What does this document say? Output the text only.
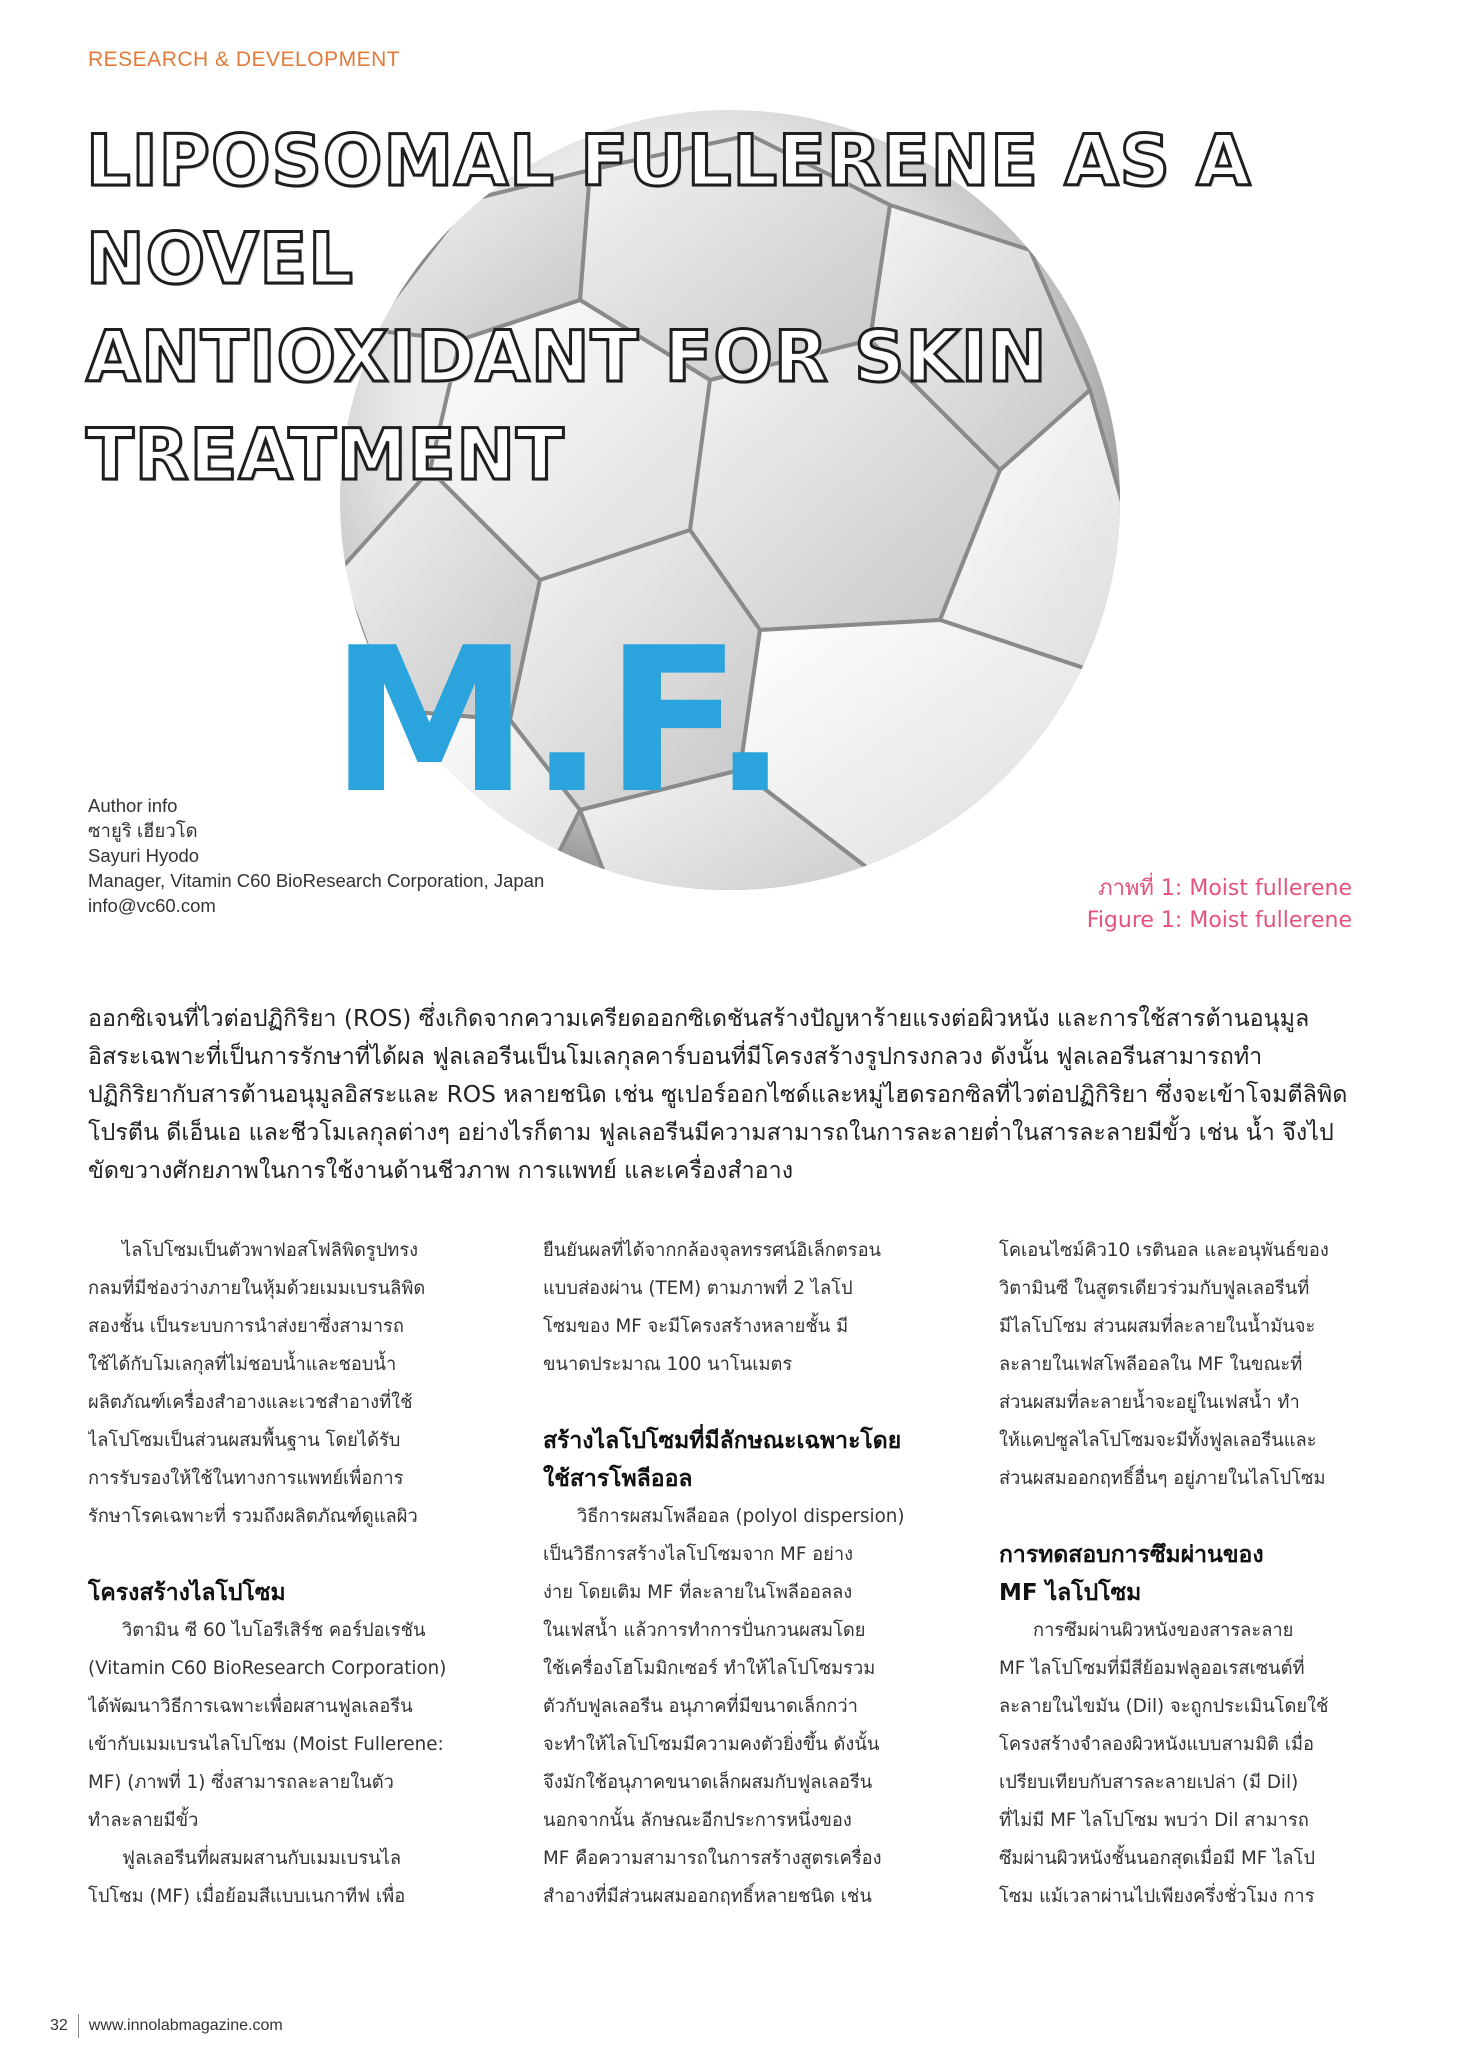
RESEARCH & DEVELOPMENT
M.F.
LIPOSOMAL FULLERENE AS A NOVEL
ANTIOXIDANT FOR SKIN TREATMENT
Author info
ซายูริ เฮียวโด
Sayuri Hyodo
Manager, Vitamin C60 BioResearch Corporation, Japan
info@vc60.com
ภาพที่ 1: Moist fullerene
Figure 1: Moist fullerene

ออกซิเจนที่ไวต่อปฏิกิริยา (ROS) ซึ่งเกิดจากความเครียดออกซิเดชันสร้างปัญหาร้ายแรงต่อผิวหนัง และการใช้สารต้านอนุมูล

อิสระเฉพาะที่เป็นการรักษาที่ได้ผล ฟูลเลอรีนเป็นโมเลกุลคาร์บอนที่มีโครงสร้างรูปกรงกลวง ดังนั้น ฟูลเลอรีนสามารถทำ

ปฏิกิริยากับสารต้านอนุมูลอิสระและ ROS หลายชนิด เช่น ซูเปอร์ออกไซด์และหมู่ไฮดรอกซิลที่ไวต่อปฏิกิริยา ซึ่งจะเข้าโจมตีลิพิด

โปรตีน ดีเอ็นเอ และชีวโมเลกุลต่างๆ อย่างไรก็ตาม ฟูลเลอรีนมีความสามารถในการละลายต่ำในสารละลายมีขั้ว เช่น น้ำ จึงไป

ขัดขวางศักยภาพในการใช้งานด้านชีวภาพ การแพทย์ และเครื่องสำอาง

ไลโปโซมเป็นตัวพาฟอสโฟลิพิดรูปทรง
กลมที่มีช่องว่างภายในหุ้มด้วยเมมเบรนลิพิด
สองชั้น เป็นระบบการนำส่งยาซึ่งสามารถ
ใช้ได้กับโมเลกุลที่ไม่ชอบน้ำและชอบน้ำ
ผลิตภัณฑ์เครื่องสำอางและเวชสำอางที่ใช้
ไลโปโซมเป็นส่วนผสมพื้นฐาน โดยได้รับ
การรับรองให้ใช้ในทางการแพทย์เพื่อการ
รักษาโรคเฉพาะที่ รวมถึงผลิตภัณฑ์ดูแลผิว
โครงสร้างไลโปโซม
วิตามิน ซี 60 ไบโอรีเสิร์ช คอร์ปอเรชัน
(Vitamin C60 BioResearch Corporation)
ได้พัฒนาวิธีการเฉพาะเพื่อผสานฟูลเลอรีน
เข้ากับเมมเบรนไลโปโซม (Moist Fullerene:
MF) (ภาพที่ 1) ซึ่งสามารถละลายในตัว
ทำละลายมีขั้ว
ฟูลเลอรีนที่ผสมผสานกับเมมเบรนไล
โปโซม (MF) เมื่อย้อมสีแบบเนกาทีฟ เพื่อ
ยืนยันผลที่ได้จากกล้องจุลทรรศน์อิเล็กตรอน
แบบส่องผ่าน (TEM) ตามภาพที่ 2 ไลโป
โซมของ MF จะมีโครงสร้างหลายชั้น มี
ขนาดประมาณ 100 นาโนเมตร
สร้างไลโปโซมที่มีลักษณะเฉพาะโดย
ใช้สารโพลีออล
วิธีการผสมโพลีออล (polyol dispersion)
เป็นวิธีการสร้างไลโปโซมจาก MF อย่าง
ง่าย โดยเติม MF ที่ละลายในโพลีออลลง
ในเฟสน้ำ แล้วการทำการปั่นกวนผสมโดย
ใช้เครื่องโฮโมมิกเซอร์ ทำให้ไลโปโซมรวม
ตัวกับฟูลเลอรีน อนุภาคที่มีขนาดเล็กกว่า
จะทำให้ไลโปโซมมีความคงตัวยิ่งขึ้น ดังนั้น
จึงมักใช้อนุภาคขนาดเล็กผสมกับฟูลเลอรีน
นอกจากนั้น ลักษณะอีกประการหนึ่งของ
MF คือความสามารถในการสร้างสูตรเครื่อง
สำอางที่มีส่วนผสมออกฤทธิ์หลายชนิด เช่น
โคเอนไซม์คิว10 เรตินอล และอนุพันธ์ของ
วิตามินซี ในสูตรเดียวร่วมกับฟูลเลอรีนที่
มีไลโปโซม ส่วนผสมที่ละลายในน้ำมันจะ
ละลายในเฟสโพลีออลใน MF ในขณะที่
ส่วนผสมที่ละลายน้ำจะอยู่ในเฟสน้ำ ทำ
ให้แคปซูลไลโปโซมจะมีทั้งฟูลเลอรีนและ
ส่วนผสมออกฤทธิ์อื่นๆ อยู่ภายในไลโปโซม
การทดสอบการซึมผ่านของ
MF ไลโปโซม
การซึมผ่านผิวหนังของสารละลาย
MF ไลโปโซมที่มีสีย้อมฟลูออเรสเซนต์ที่
ละลายในไขมัน (Dil) จะถูกประเมินโดยใช้
โครงสร้างจำลองผิวหนังแบบสามมิติ เมื่อ
เปรียบเทียบกับสารละลายเปล่า (มี Dil)
ที่ไม่มี MF ไลโปโซม พบว่า Dil สามารถ
ซึมผ่านผิวหนังชั้นนอกสุดเมื่อมี MF ไลโป
โซม แม้เวลาผ่านไปเพียงครึ่งชั่วโมง การ
32 www.innolabmagazine.com
